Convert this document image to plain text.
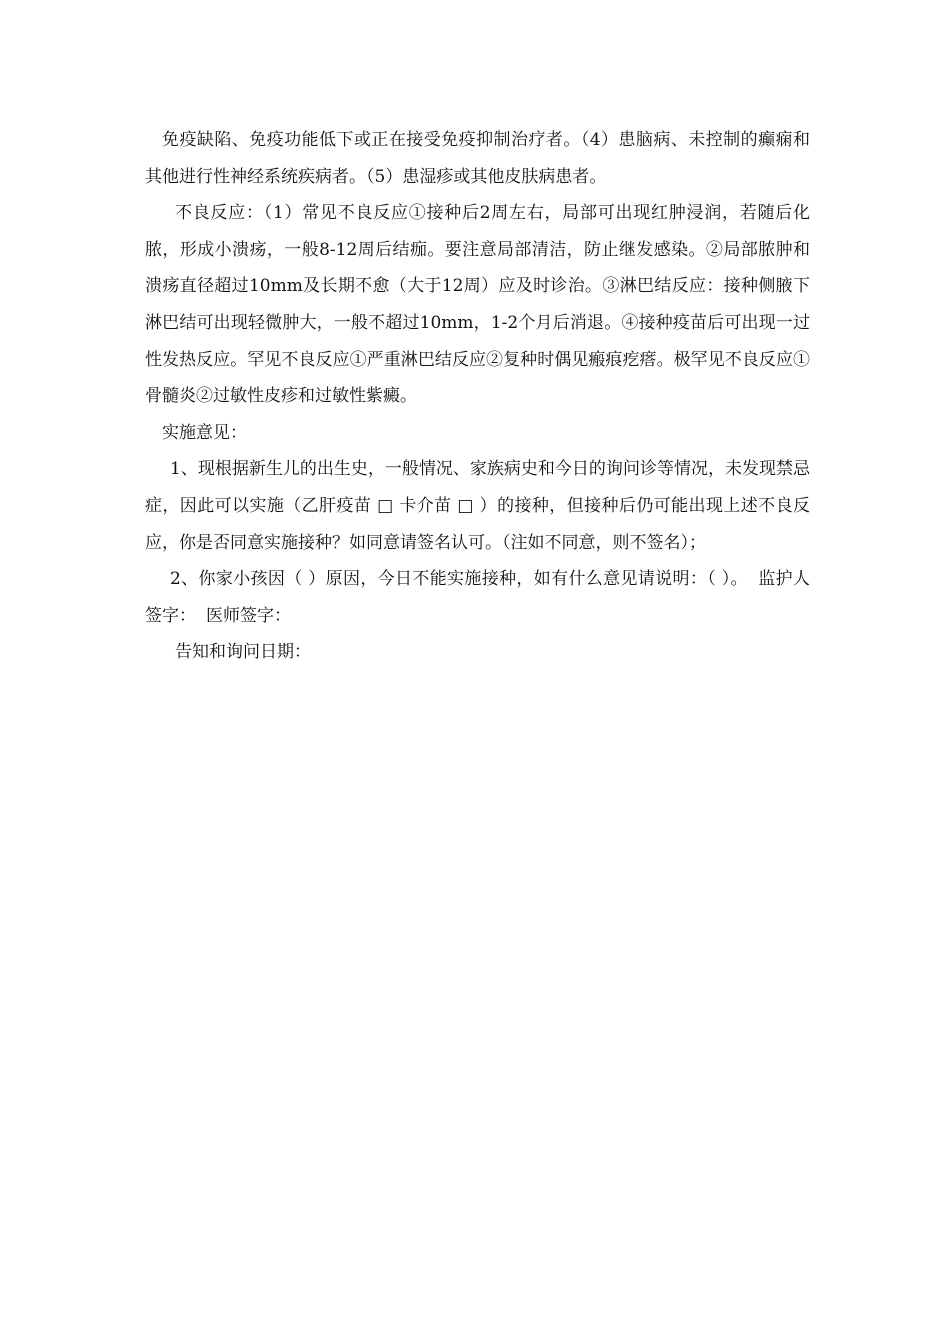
免疫缺陷、免疫功能低下或正在接受免疫抑制治疗者。（4）患脑病、未控制的癫痫和其他进行性神经系统疾病者。（5）患湿疹或其他皮肤病患者。

不良反应：（1）常见不良反应①接种后2周左右，局部可出现红肿浸润，若随后化脓，形成小溃疡，一般8-12周后结痂。要注意局部清洁，防止继发感染。②局部脓肿和溃疡直径超过10mm及长期不愈（大于12周）应及时诊治。③淋巴结反应：接种侧腋下淋巴结可出现轻微肿大，一般不超过10mm，1-2个月后消退。④接种疫苗后可出现一过性发热反应。罕见不良反应①严重淋巴结反应②复种时偶见瘢痕疙瘩。极罕见不良反应①骨髓炎②过敏性皮疹和过敏性紫癜。

实施意见：

1、现根据新生儿的出生史，一般情况、家族病史和今日的询问诊等情况，未发现禁忌症，因此可以实施（乙肝疫苗 □ 卡介苗 □ ）的接种，但接种后仍可能出现上述不良反应，你是否同意实施接种？如同意请签名认可。（注如不同意，则不签名）；

2、你家小孩因（ ）原因，今日不能实施接种，如有什么意见请说明：（ ）。 监护人签字： 医师签字：

告知和询问日期：
